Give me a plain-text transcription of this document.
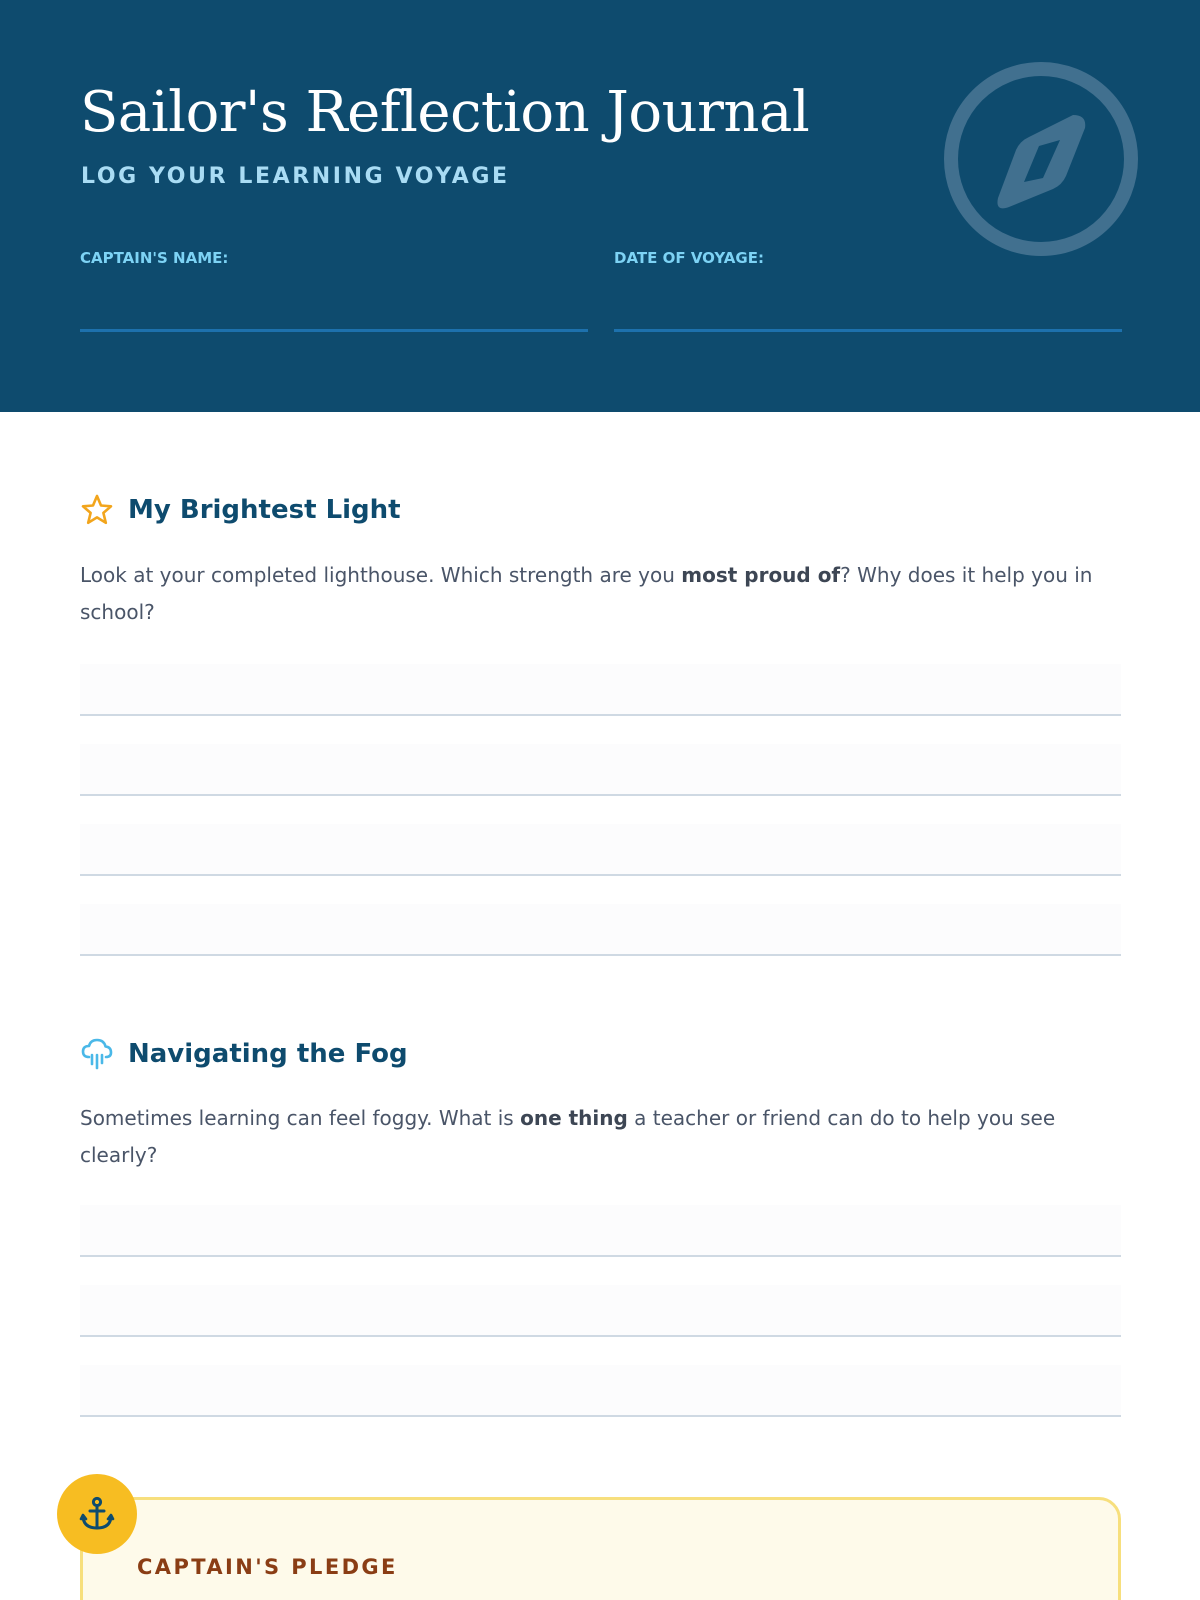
Sailor's Reflection Journal
LOG YOUR LEARNING VOYAGE
CAPTAIN'S NAME:	DATE OF VOYAGE:
My Brightest Light

Look at your completed lighthouse. Which strength are you most proud of? Why does it help you in school?

Navigating the Fog

Sometimes learning can feel foggy. What is one thing a teacher or friend can do to help you see clearly?

CAPTAIN'S PLEDGE
